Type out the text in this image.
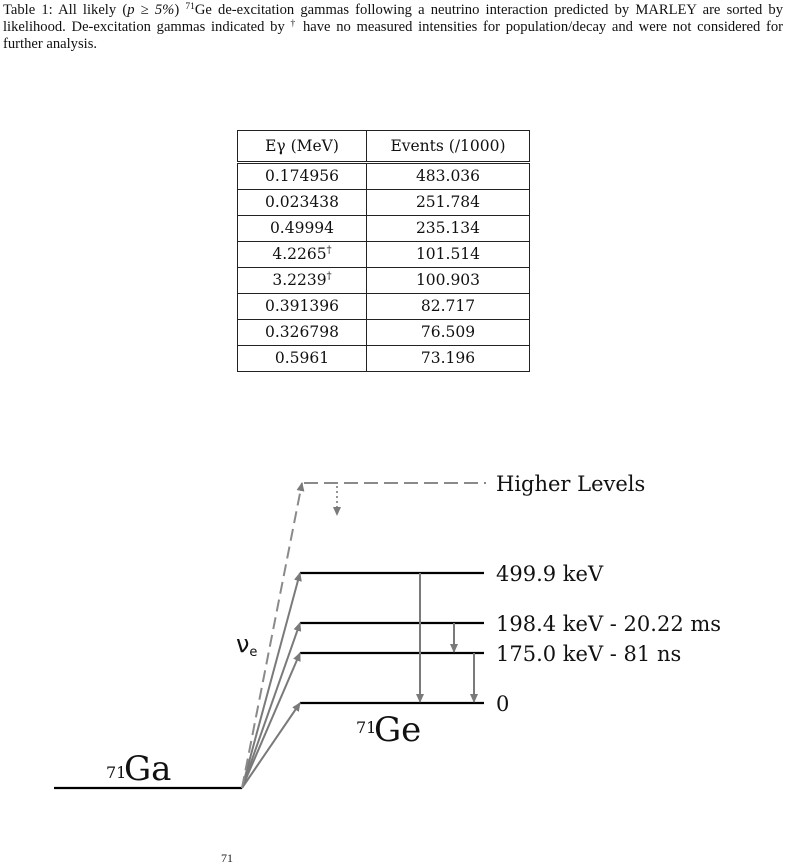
Table 1: All likely (p ≥ 5%) $^{71}$Ge de-excitation gammas following a neutrino interaction predicted by MARLEY are sorted by likelihood. De-excitation gammas indicated by † have no measured intensities for population/decay and were not considered for further analysis.
Eγ (MeV)	Events (/1000)
0.174956	483.036
0.023438	251.784
0.49994	235.134
4.2265†	101.514
3.2239†	100.903
0.391396	82.717
0.326798	76.509
0.5961	73.196
Higher Levels
499.9 keV
198.4 keV - 20.22 ms
175.0 keV - 81 ns
0
νe
71
Ga
71
Ge
71
